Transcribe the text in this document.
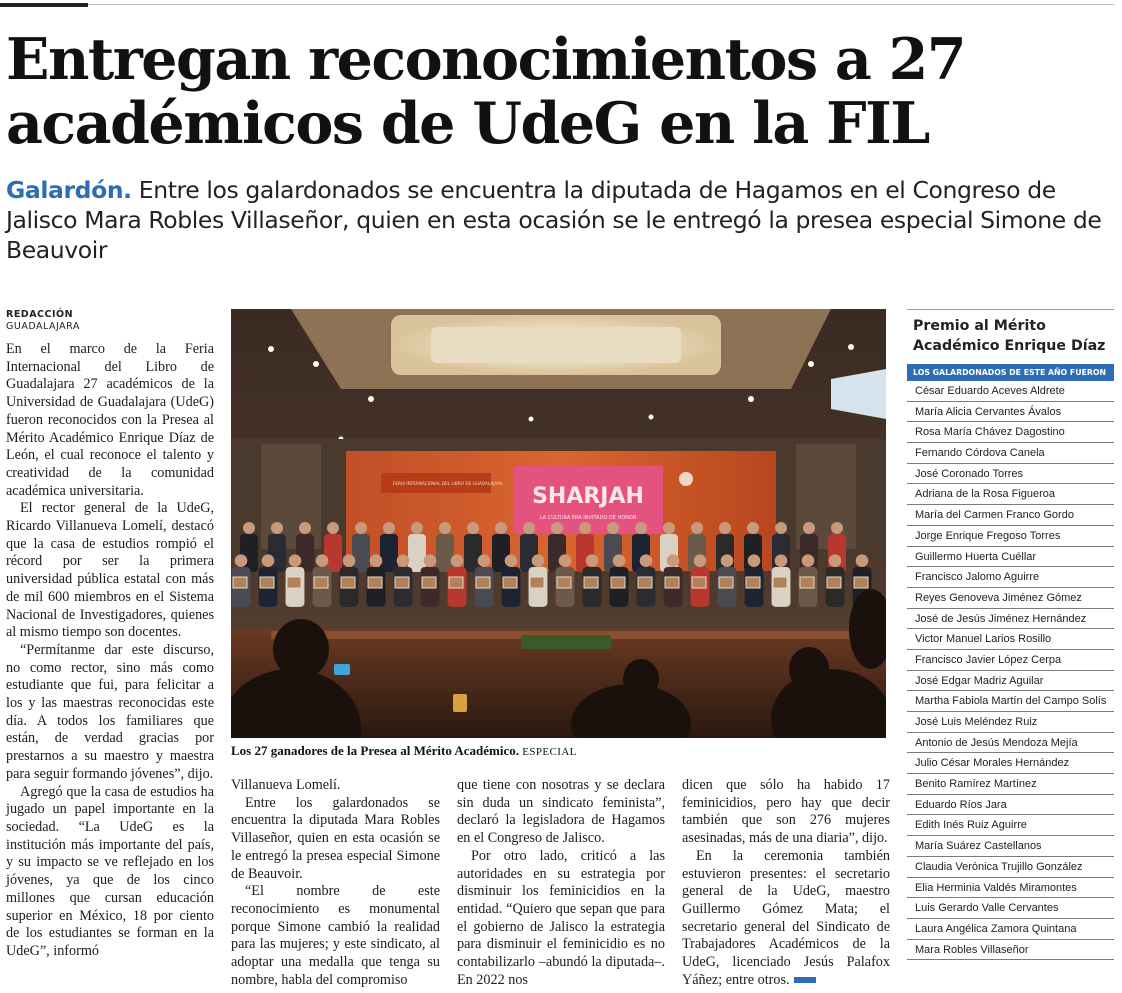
Entregan reconocimientos a 27 académicos de UdeG en la FIL
Galardón. Entre los galardonados se encuentra la diputada de Hagamos en el Congreso de Jalisco Mara Robles Villaseñor, quien en esta ocasión se le entregó la presea especial Simone de Beauvoir
REDACCIÓN
GUADALAJARA

En el marco de la Feria Internacional del Libro de Guadalajara 27 académicos de la Universidad de Guadalajara (UdeG) fueron reconocidos con la Presea al Mérito Académico Enrique Díaz de León, el cual reconoce el talento y creatividad de la comunidad académica universitaria.

El rector general de la UdeG, Ricardo Villanueva Lomelí, destacó que la casa de estudios rompió el récord por ser la primera universidad pública estatal con más de mil 600 miembros en el Sistema Nacional de Investigadores, quienes al mismo tiempo son docentes.

“Permítanme dar este discurso, no como rector, sino más como estudiante que fui, para felicitar a los y las maestras reconocidas este día. A todos los familiares que están, de verdad gracias por prestarnos a su maestro y maestra para seguir formando jóvenes”, dijo.

Agregó que la casa de estudios ha jugado un papel importante en la sociedad. “La UdeG es la institución más importante del país, y su impacto se ve reflejado en los jóvenes, ya que de los cinco millones que cursan educación superior en México, 18 por ciento de los estudiantes se forman en la UdeG”, informó

SHARJAH
LA CULTURA ERA INVITADO DE HONOR
FERIA INTERNACIONAL DEL LIBRO DE GUADALAJARA
Los 27 ganadores de la Presea al Mérito Académico. ESPECIAL

Villanueva Lomelí.

Entre los galardonados se encuentra la diputada Mara Robles Villaseñor, quien en esta ocasión se le entregó la presea especial Simone de Beauvoir.

“El nombre de este reconocimiento es monumental porque Simone cambió la realidad para las mujeres; y este sindicato, al adoptar una medalla que tenga su nombre, habla del compromiso

que tiene con nosotras y se declara sin duda un sindicato feminista”, declaró la legisladora de Hagamos en el Congreso de Jalisco.

Por otro lado, criticó a las autoridades en su estrategia por disminuir los feminicidios en la entidad. “Quiero que sepan que para el gobierno de Jalisco la estrategia para disminuir el feminicidio es no contabilizarlo –abundó la diputada–. En 2022 nos

dicen que sólo ha habido 17 feminicidios, pero hay que decir también que son 276 mujeres asesinadas, más de una diaria”, dijo.

En la ceremonia también estuvieron presentes: el secretario general de la UdeG, maestro Guillermo Gómez Mata; el secretario general del Sindicato de Trabajadores Académicos de la UdeG, licenciado Jesús Palafox Yáñez; entre otros.

Premio al Mérito Académico Enrique Díaz
LOS GALARDONADOS DE ESTE AÑO FUERON
César Eduardo Aceves Aldrete
María Alicia Cervantes Ávalos
Rosa María Chávez Dagostino
Fernando Córdova Canela
José Coronado Torres
Adriana de la Rosa Figueroa
María del Carmen Franco Gordo
Jorge Enrique Fregoso Torres
Guillermo Huerta Cuéllar
Francisco Jalomo Aguirre
Reyes Genoveva Jiménez Gómez
José de Jesús Jiménez Hernández
Victor Manuel Larios Rosillo
Francisco Javier López Cerpa
José Edgar Madriz Aguilar
Martha Fabiola Martín del Campo Solís
José Luis Meléndez Ruiz
Antonio de Jesús Mendoza Mejía
Julio César Morales Hernández
Benito Ramírez Martínez
Eduardo Ríos Jara
Edith Inés Ruiz Aguirre
María Suárez Castellanos
Claudia Verónica Trujillo González
Elia Herminia Valdés Miramontes
Luis Gerardo Valle Cervantes
Laura Angélica Zamora Quintana
Mara Robles Villaseñor
